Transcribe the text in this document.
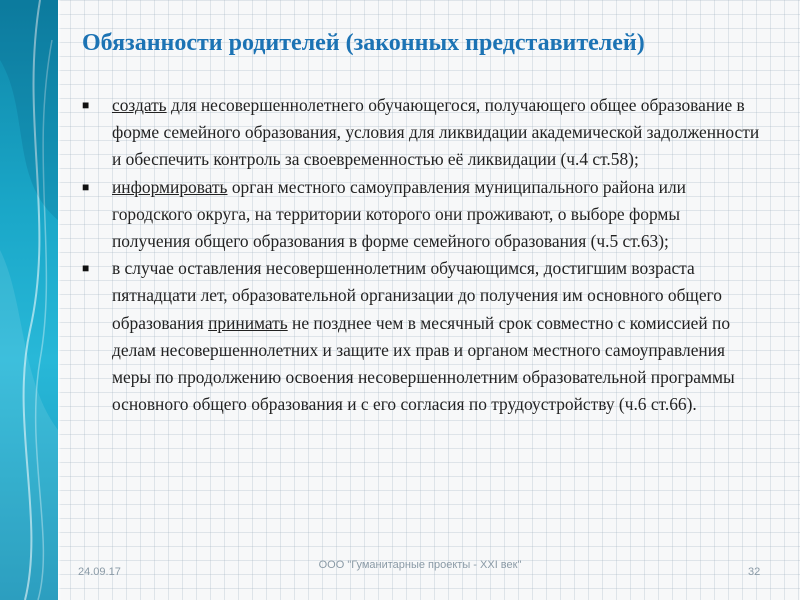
Обязанности родителей (законных представителей)
■ создать для несовершеннолетнего обучающегося, получающего общее образование в форме семейного образования, условия для ликвидации академической задолженности и обеспечить контроль за своевременностью её ликвидации (ч.4 ст.58);
■ информировать орган местного самоуправления муниципального района или городского округа, на территории которого они проживают, о выборе формы получения общего образования в форме семейного образования (ч.5 ст.63);
■ в случае оставления несовершеннолетним обучающимся, достигшим возраста пятнадцати лет, образовательной организации до получения им основного общего образования принимать не позднее чем в месячный срок совместно с комиссией по делам несовершеннолетних и защите их прав и органом местного самоуправления меры по продолжению освоения несовершеннолетним образовательной программы основного общего образования и с его согласия по трудоустройству (ч.6 ст.66).
24.09.17
ООО "Гуманитарные проекты - XXI век"
32
